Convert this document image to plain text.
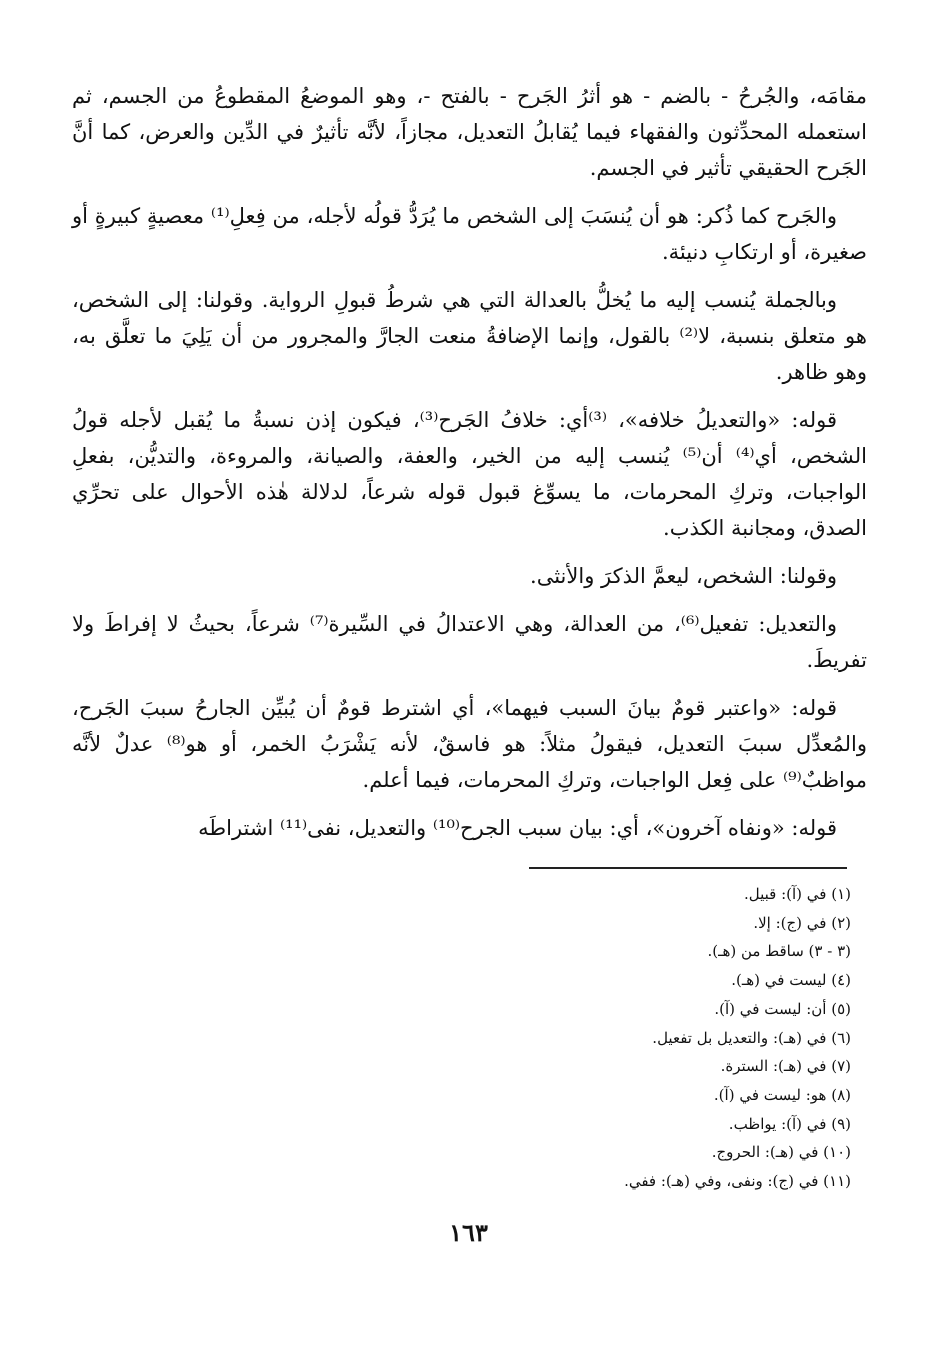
مقامَه، والجُرحُ - بالضم - هو أثرُ الجَرح - بالفتح -، وهو الموضعُ المقطوعُ من الجسم، ثم استعمله المحدِّثون والفقهاء فيما يُقابلُ التعديل، مجازاً، لأنَّه تأثيرٌ في الدِّين والعرض، كما أنَّ الجَرح الحقيقي تأثير في الجسم.

والجَرح كما ذُكر: هو أن يُنسَبَ إلى الشخص ما يُرَدُّ قولُه لأجله، من فِعلِ⁽¹⁾ معصيةٍ كبيرةٍ أو صغيرة، أو ارتكابِ دنيئة.

وبالجملة يُنسب إليه ما يُخلُّ بالعدالة التي هي شرطُ قبولِ الرواية. وقولنا: إلى الشخص، هو متعلق بنسبة، لا⁽²⁾ بالقول، وإنما الإضافةُ منعت الجارَّ والمجرور من أن يَلِيَ ما تعلَّق به، وهو ظاهر.

قوله: «والتعديلُ خلافه»، ⁽³⁾أي: خلافُ الجَرح⁽³⁾، فيكون إذن نسبةُ ما يُقبل لأجله قولُ الشخص، أي⁽⁴⁾ أن⁽⁵⁾ يُنسب إليه من الخير، والعفة، والصيانة، والمروءة، والتديُّن، بفعلِ الواجبات، وتركِ المحرمات، ما يسوِّغ قبول قوله شرعاً، لدلالة هٰذه الأحوال على تحرِّي الصدق، ومجانبة الكذب.

وقولنا: الشخص، ليعمَّ الذكرَ والأنثى.

والتعديل: تفعيل⁽⁶⁾، من العدالة، وهي الاعتدالُ في السِّيرة⁽⁷⁾ شرعاً، بحيثُ لا إفراطَ ولا تفريطَ.

قوله: «واعتبر قومٌ بيانَ السبب فيهما»، أي اشترط قومٌ أن يُبيِّن الجارحُ سببَ الجَرح، والمُعدِّل سببَ التعديل، فيقولُ مثلاً: هو فاسقٌ، لأنه يَشْرَبُ الخمر، أو هو⁽⁸⁾ عدلٌ لأنَّه مواظبٌ⁽⁹⁾ على فِعل الواجبات، وتركِ المحرمات، فيما أعلم.

قوله: «ونفاه آخرون»، أي: بيان سبب الجرح⁽¹⁰⁾ والتعديل، نفى⁽¹¹⁾ اشتراطَه

(١) في (آ): قبيل.
(٢) في (ج): إلا.
(٣ - ٣) ساقط من (هـ).
(٤) ليست في (هـ).
(٥) أن: ليست في (آ).
(٦) في (هـ): والتعديل بل تفعيل.
(٧) في (هـ): السترة.
(٨) هو: ليست في (آ).
(٩) في (آ): يواظب.
(١٠) في (هـ): الحروج.
(١١) في (ج): ونفى، وفي (هـ): ففي.
١٦٣
